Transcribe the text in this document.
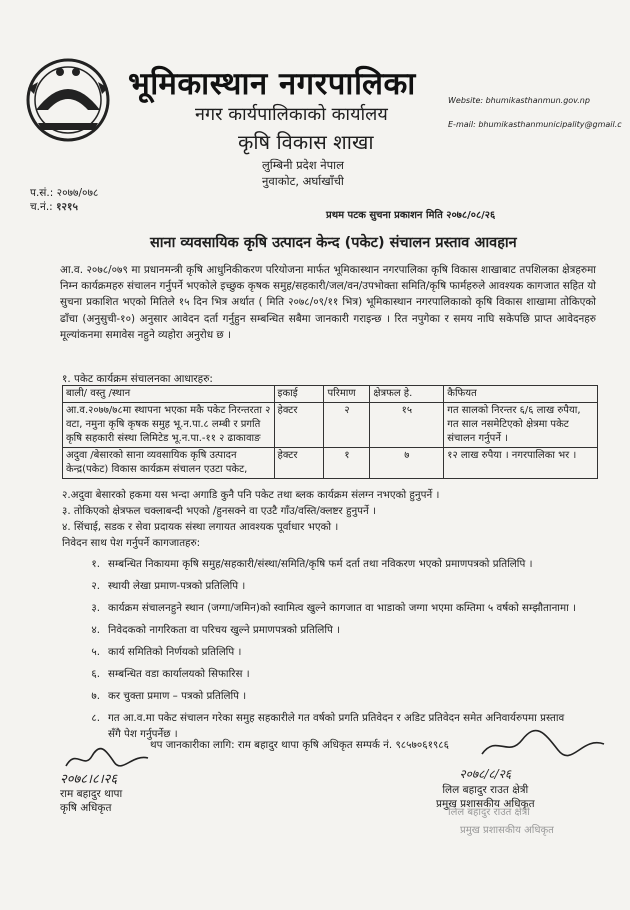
भूमिकास्थान नगरपालिका
नगर कार्यपालिकाको कार्यालय
कृषि विकास शाखा
लुम्बिनी प्रदेश नेपाल
नुवाकोट, अर्घाखाँची
Website: bhumikasthanmun.gov.np
E-mail: bhumikasthanmunicipality@gmail.c
प.सं.: २०७७/०७८
च.नं.: १२१५
प्रथम पटक सुचना प्रकाशन मिति २०७८/०८/२६
साना व्यवसायिक कृषि उत्पादन केन्द (पकेट) संचालन प्रस्ताव आवहान
आ.व. २०७८/०७९ मा प्रधानमन्त्री कृषि आधुनिकीकरण परियोजना मार्फत भूमिकास्थान नगरपालिका कृषि विकास शाखाबाट तपशिलका क्षेत्रहरुमा निम्न कार्यक्रमहरु संचालन गर्नुपर्ने भएकोले इच्छुक कृषक समुह/सहकारी/जल/वन/उपभोक्ता समिति/कृषि फार्महरुले आवश्यक कागजात सहित यो सुचना प्रकाशित भएको मितिले १५ दिन भित्र अर्थात ( मिति २०७८/०९/११ भित्र) भूमिकास्थान नगरपालिकाको कृषि विकास शाखामा तोकिएको ढाँचा (अनुसुची-१०) अनुसार आवेदन दर्ता गर्नुहुन सम्बन्धित सबैमा जानकारी गराइन्छ । रित नपुगेका र समय नाघि सकेपछि प्राप्त आवेदनहरु मूल्यांकनमा समावेस नहुने व्यहोरा अनुरोध छ ।
१. पकेट कार्यक्रम संचालनका आधारहरु:
बाली/ वस्तु /स्थान	इकाई	परिमाण	क्षेत्रफल हे.	कैफियत
आ.व.२०७७/७८मा स्थापना भएका मकै पकेट निरन्तरता २ वटा, नमुना कृषि कृषक समुह भू.न.पा.८ लम्बी र प्रगति कृषि सहकारी संस्था लिमिटेड भू.न.पा.-११ २ ढाकावाङ	हेक्टर	२	१५	गत सालको निरन्तर ६/६ लाख रुपैया, गत साल नसमेटिएको क्षेत्रमा पकेट संचालन गर्नुपर्ने ।
अदुवा /बेसारको साना व्यवसायिक कृषि उत्पादन केन्द्र(पकेट) विकास कार्यक्रम संचालन एउटा पकेट,	हेक्टर	१	७	१२ लाख रुपैया । नगरपालिका भर ।
२.अदुवा बेसारको हकमा यस भन्दा अगाडि कुनै पनि पकेट तथा ब्लक कार्यक्रम संलग्न नभएको हुनुपर्ने ।
३. तोकिएको क्षेत्रफल चक्लाबन्दी भएको /हुनसक्ने वा एउटै गाँउ/वस्ति/क्लष्टर हुनुपर्ने ।
४. सिंचाई, सडक र सेवा प्रदायक संस्था लगायत आवश्यक पूर्वाधार भएको ।
निवेदन साथ पेश गर्नुपर्ने कागजातहरु:
१. सम्बन्धित निकायमा कृषि समुह/सहकारी/संस्था/समिति/कृषि फर्म दर्ता तथा नविकरण भएको प्रमाणपत्रको प्रतिलिपि ।
२. स्थायी लेखा प्रमाण-पत्रको प्रतिलिपि ।
३. कार्यक्रम संचालनहुने स्थान (जग्गा/जमिन)को स्वामित्व खुल्ने कागजात वा भाडाको जग्गा भएमा कम्तिमा ५ वर्षको सम्झौतानामा ।
४. निवेदकको नागरिकता वा परिचय खुल्ने प्रमाणपत्रको प्रतिलिपि ।
५. कार्य समितिको निर्णयको प्रतिलिपि ।
६. सम्बन्धित वडा कार्यालयको सिफारिस ।
७. कर चुक्ता प्रमाण – पत्रको प्रतिलिपि ।
८. गत आ.व.मा पकेट संचालन गरेका समुह सहकारीले गत वर्षको प्रगति प्रतिवेदन र अडिट प्रतिवेदन समेत अनिवार्यरुपमा प्रस्ताव सँगै पेश गर्नुपर्नेछ ।
थप जानकारीका लागि: राम बहादुर थापा कृषि अधिकृत सम्पर्क नं. ९८५७०६१९८६
२०७८।८।२६
राम बहादुर थापा
कृषि अधिकृत
२०७८/८/२६
लिल बहादुर राउत क्षेत्री
प्रमुख प्रशासकीय अधिकृत
लिल बहादुर राउत क्षेत्री
प्रमुख प्रशासकीय अधिकृत
